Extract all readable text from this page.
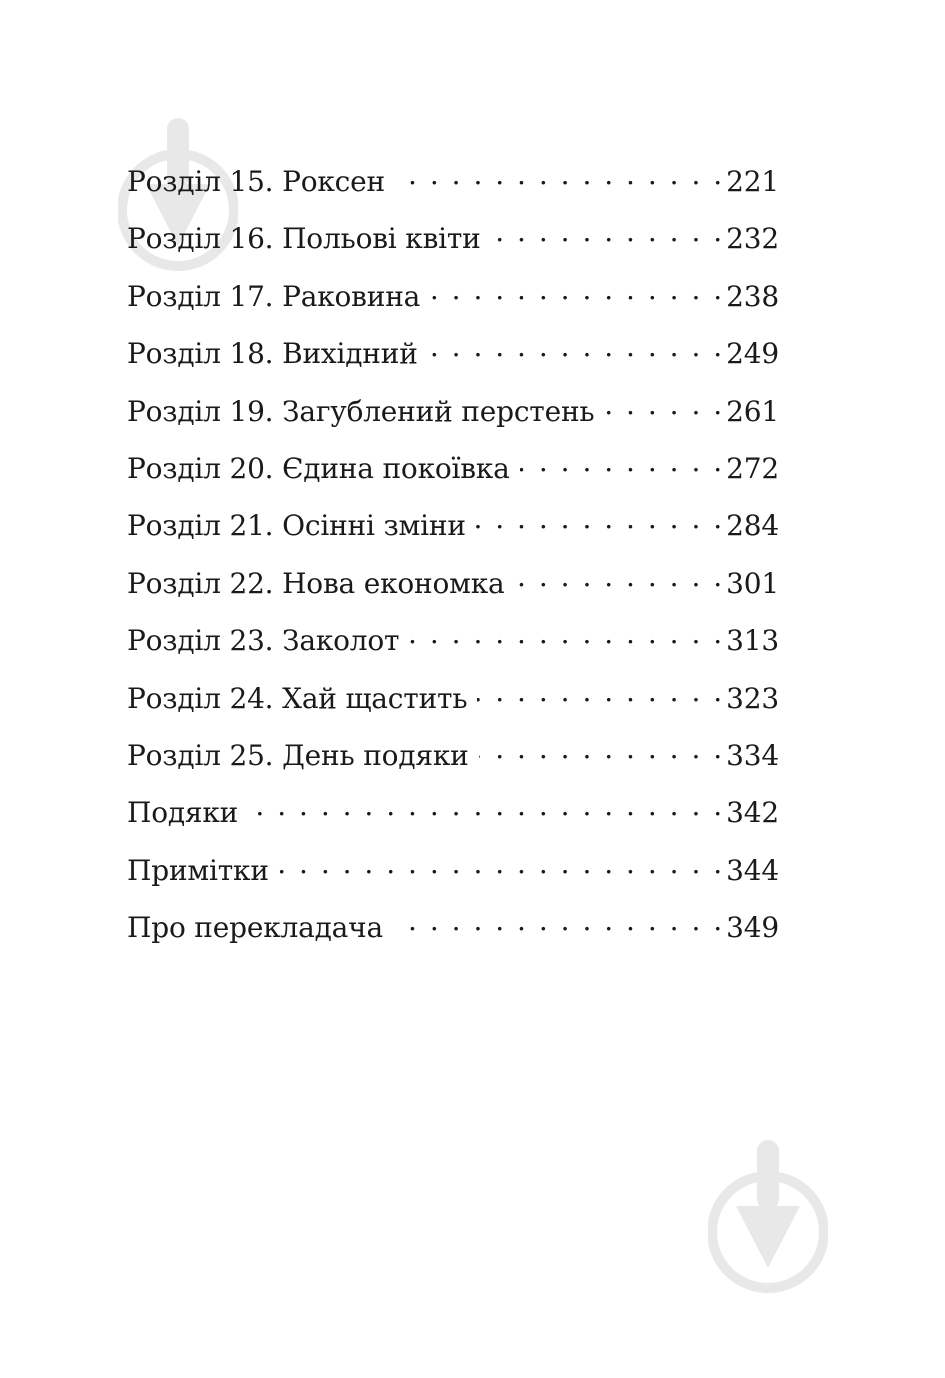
Розділ 15. Роксен . . .	221
Розділ 16. Польові квіти . . .	232
Розділ 17. Раковина . . .	238
Розділ 18. Вихідний . . .	249
Розділ 19. Загублений перстень . . .	261
Розділ 20. Єдина покоївка . . .	272
Розділ 21. Осінні зміни . . .	284
Розділ 22. Нова економка . . .	301
Розділ 23. Заколот . . .	313
Розділ 24. Хай щастить . . .	323
Розділ 25. День подяки . . .	334
Подяки . . .	342
Примітки . . .	344
Про перекладача . . .	349
